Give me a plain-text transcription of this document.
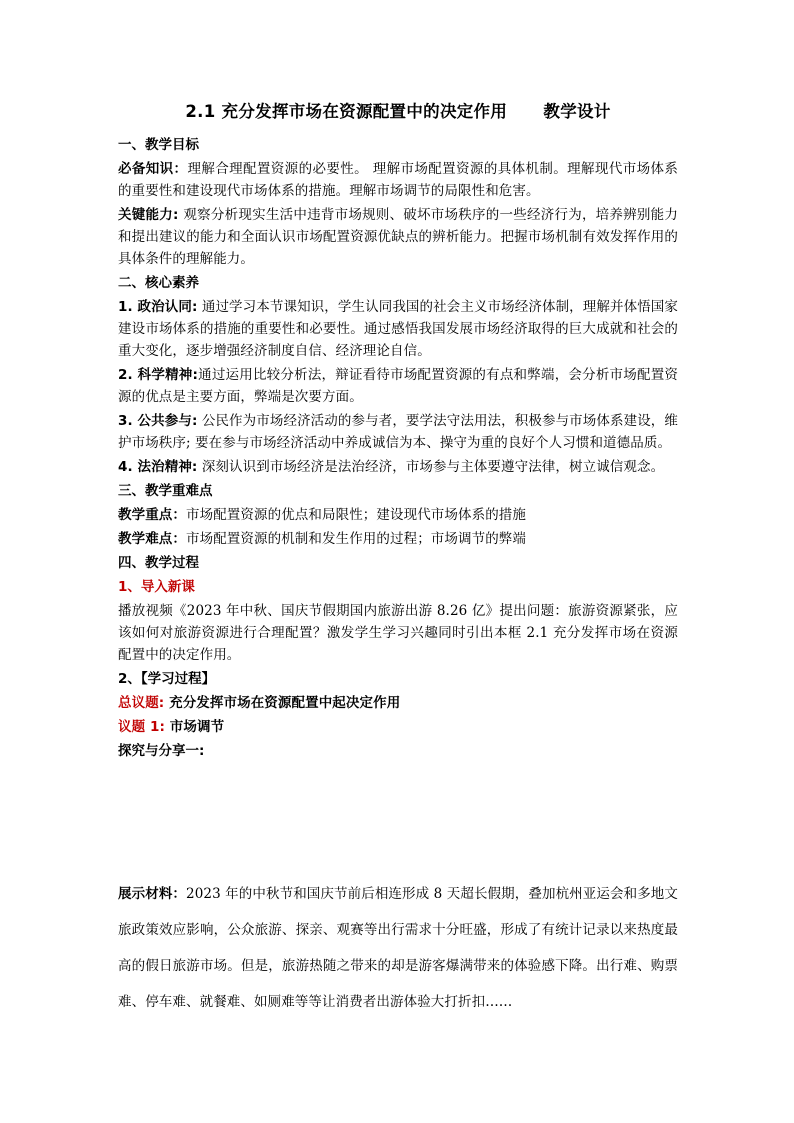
2.1 充分发挥市场在资源配置中的决定作用      教学设计
一、教学目标
必备知识：理解合理配置资源的必要性。 理解市场配置资源的具体机制。理解现代市场体系的重要性和建设现代市场体系的措施。理解市场调节的局限性和危害。
关键能力: 观察分析现实生活中违背市场规则、破坏市场秩序的一些经济行为，培养辨别能力和提出建议的能力和全面认识市场配置资源优缺点的辨析能力。把握市场机制有效发挥作用的具体条件的理解能力。
二、核心素养
1. 政治认同: 通过学习本节课知识，学生认同我国的社会主义市场经济体制，理解并体悟国家建设市场体系的措施的重要性和必要性。通过感悟我国发展市场经济取得的巨大成就和社会的重大变化，逐步增强经济制度自信、经济理论自信。
2. 科学精神:通过运用比较分析法，辩证看待市场配置资源的有点和弊端，会分析市场配置资源的优点是主要方面，弊端是次要方面。
3. 公共参与: 公民作为市场经济活动的参与者，要学法守法用法，积极参与市场体系建设，维护市场秩序; 要在参与市场经济活动中养成诚信为本、操守为重的良好个人习惯和道德品质。
4. 法治精神: 深刻认识到市场经济是法治经济，市场参与主体要遵守法律，树立诚信观念。
三、教学重难点
教学重点：市场配置资源的优点和局限性；建设现代市场体系的措施
教学难点：市场配置资源的机制和发生作用的过程；市场调节的弊端
四、教学过程
1、导入新课
播放视频《2023 年中秋、国庆节假期国内旅游出游 8.26 亿》提出问题：旅游资源紧张，应该如何对旅游资源进行合理配置？激发学生学习兴趣同时引出本框 2.1 充分发挥市场在资源配置中的决定作用。
2、【学习过程】
总议题: 充分发挥市场在资源配置中起决定作用
议题 1: 市场调节
探究与分享一:
展示材料：2023 年的中秋节和国庆节前后相连形成 8 天超长假期，叠加杭州亚运会和多地文旅政策效应影响，公众旅游、探亲、观赛等出行需求十分旺盛，形成了有统计记录以来热度最高的假日旅游市场。但是，旅游热随之带来的却是游客爆满带来的体验感下降。出行难、购票难、停车难、就餐难、如厕难等等让消费者出游体验大打折扣……
